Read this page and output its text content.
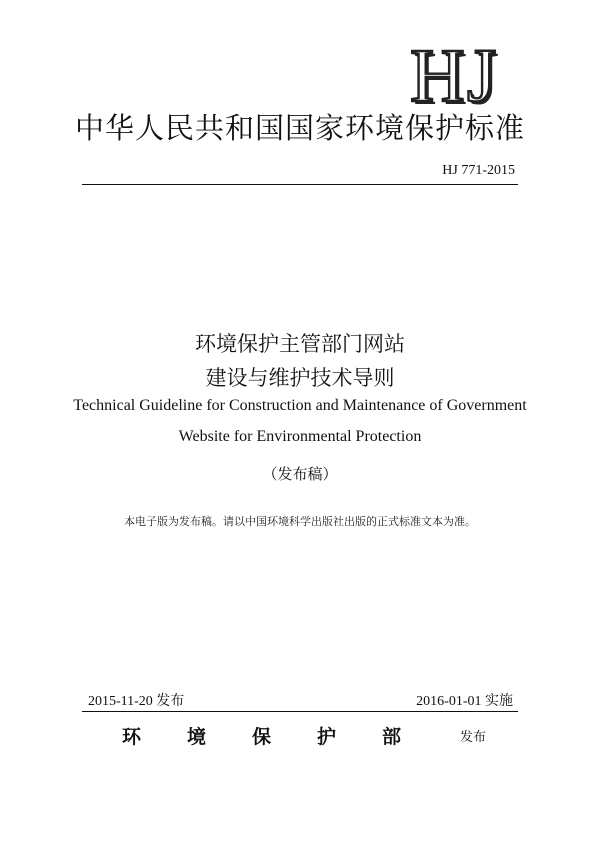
HJ
中华人民共和国国家环境保护标准
HJ 771-2015
环境保护主管部门网站
建设与维护技术导则
Technical Guideline for Construction and Maintenance of Government
Website for Environmental Protection
（发布稿）
本电子版为发布稿。请以中国环境科学出版社出版的正式标准文本为准。
2015-11-20 发布	2016-01-01 实施
环境保护部 发布
